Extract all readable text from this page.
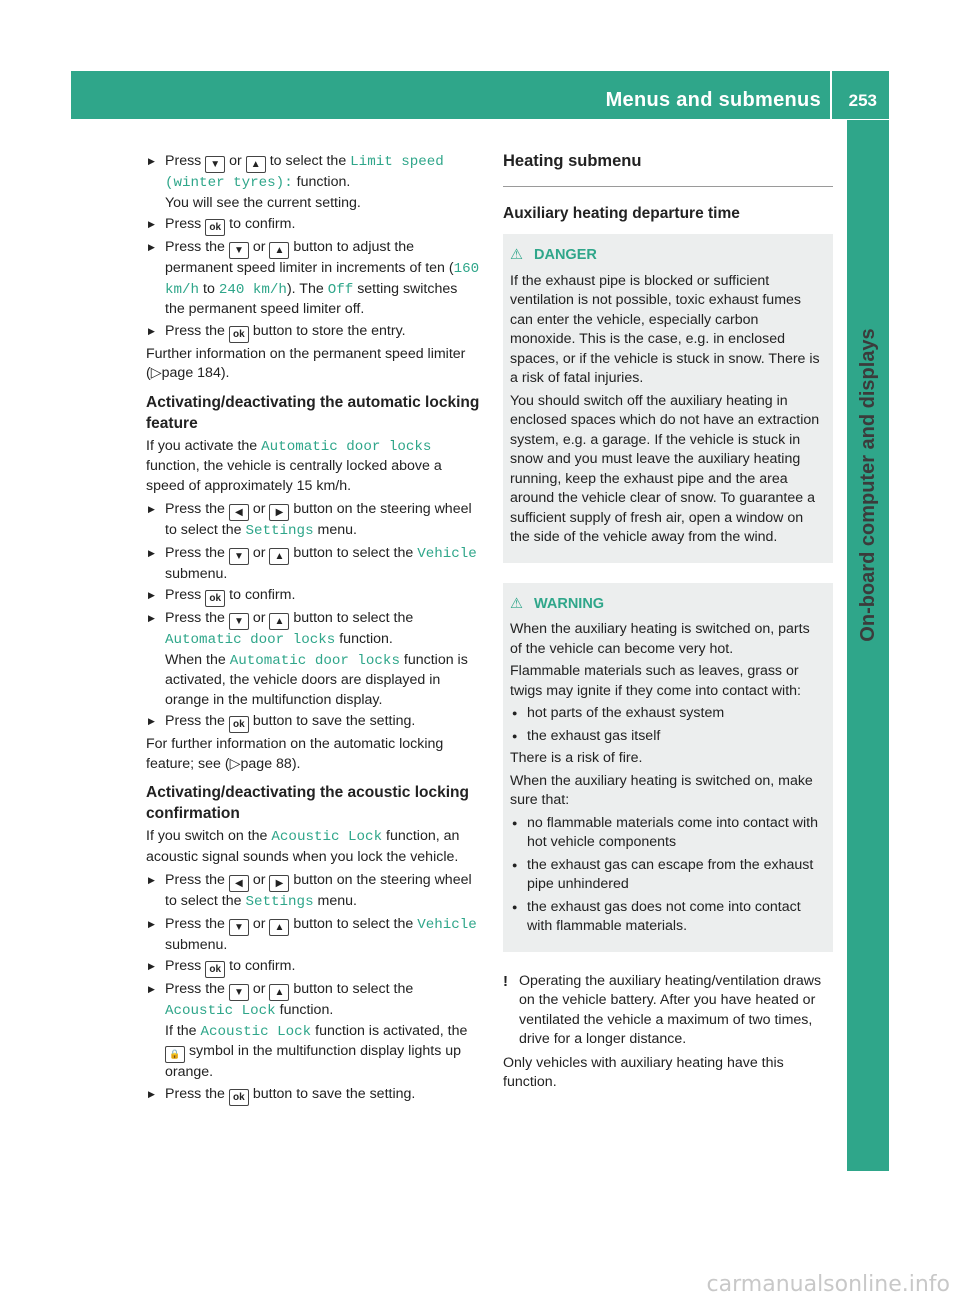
Menus and submenus 253
On-board computer and displays

▶ Press ▼ or ▲ to select the Limit speed (winter tyres): function.
You will see the current setting.

▶ Press ok to confirm.

▶ Press the ▼ or ▲ button to adjust the permanent speed limiter in increments of ten (160 km/h to 240 km/h). The Off setting switches the permanent speed limiter off.

▶ Press the ok button to store the entry.

Further information on the permanent speed limiter (▷page 184).

Activating/deactivating the automatic locking feature

If you activate the Automatic door locks function, the vehicle is centrally locked above a speed of approximately 15 km/h.

▶ Press the ◀ or ▶ button on the steering wheel to select the Settings menu.

▶ Press the ▼ or ▲ button to select the Vehicle submenu.

▶ Press ok to confirm.

▶ Press the ▼ or ▲ button to select the Automatic door locks function.
When the Automatic door locks function is activated, the vehicle doors are displayed in orange in the multifunction display.

▶ Press the ok button to save the setting.

For further information on the automatic locking feature; see (▷page 88).

Activating/deactivating the acoustic locking confirmation

If you switch on the Acoustic Lock function, an acoustic signal sounds when you lock the vehicle.

▶ Press the ◀ or ▶ button on the steering wheel to select the Settings menu.

▶ Press the ▼ or ▲ button to select the Vehicle submenu.

▶ Press ok to confirm.

▶ Press the ▼ or ▲ button to select the Acoustic Lock function.
If the Acoustic Lock function is activated, the 🔒 symbol in the multifunction display lights up orange.

▶ Press the ok button to save the setting.

Heating submenu

Auxiliary heating departure time

⚠ DANGER

If the exhaust pipe is blocked or sufficient ventilation is not possible, toxic exhaust fumes can enter the vehicle, especially carbon monoxide. This is the case, e.g. in enclosed spaces, or if the vehicle is stuck in snow. There is a risk of fatal injuries.

You should switch off the auxiliary heating in enclosed spaces which do not have an extraction system, e.g. a garage. If the vehicle is stuck in snow and you must leave the auxiliary heating running, keep the exhaust pipe and the area around the vehicle clear of snow. To guarantee a sufficient supply of fresh air, open a window on the side of the vehicle away from the wind.

⚠ WARNING

When the auxiliary heating is switched on, parts of the vehicle can become very hot.

Flammable materials such as leaves, grass or twigs may ignite if they come into contact with:

● hot parts of the exhaust system

● the exhaust gas itself

There is a risk of fire.

When the auxiliary heating is switched on, make sure that:

● no flammable materials come into contact with hot vehicle components

● the exhaust gas can escape from the exhaust pipe unhindered

● the exhaust gas does not come into contact with flammable materials.

! Operating the auxiliary heating/ventilation draws on the vehicle battery. After you have heated or ventilated the vehicle a maximum of two times, drive for a longer distance.

Only vehicles with auxiliary heating have this function.

carmanualsonline.info
